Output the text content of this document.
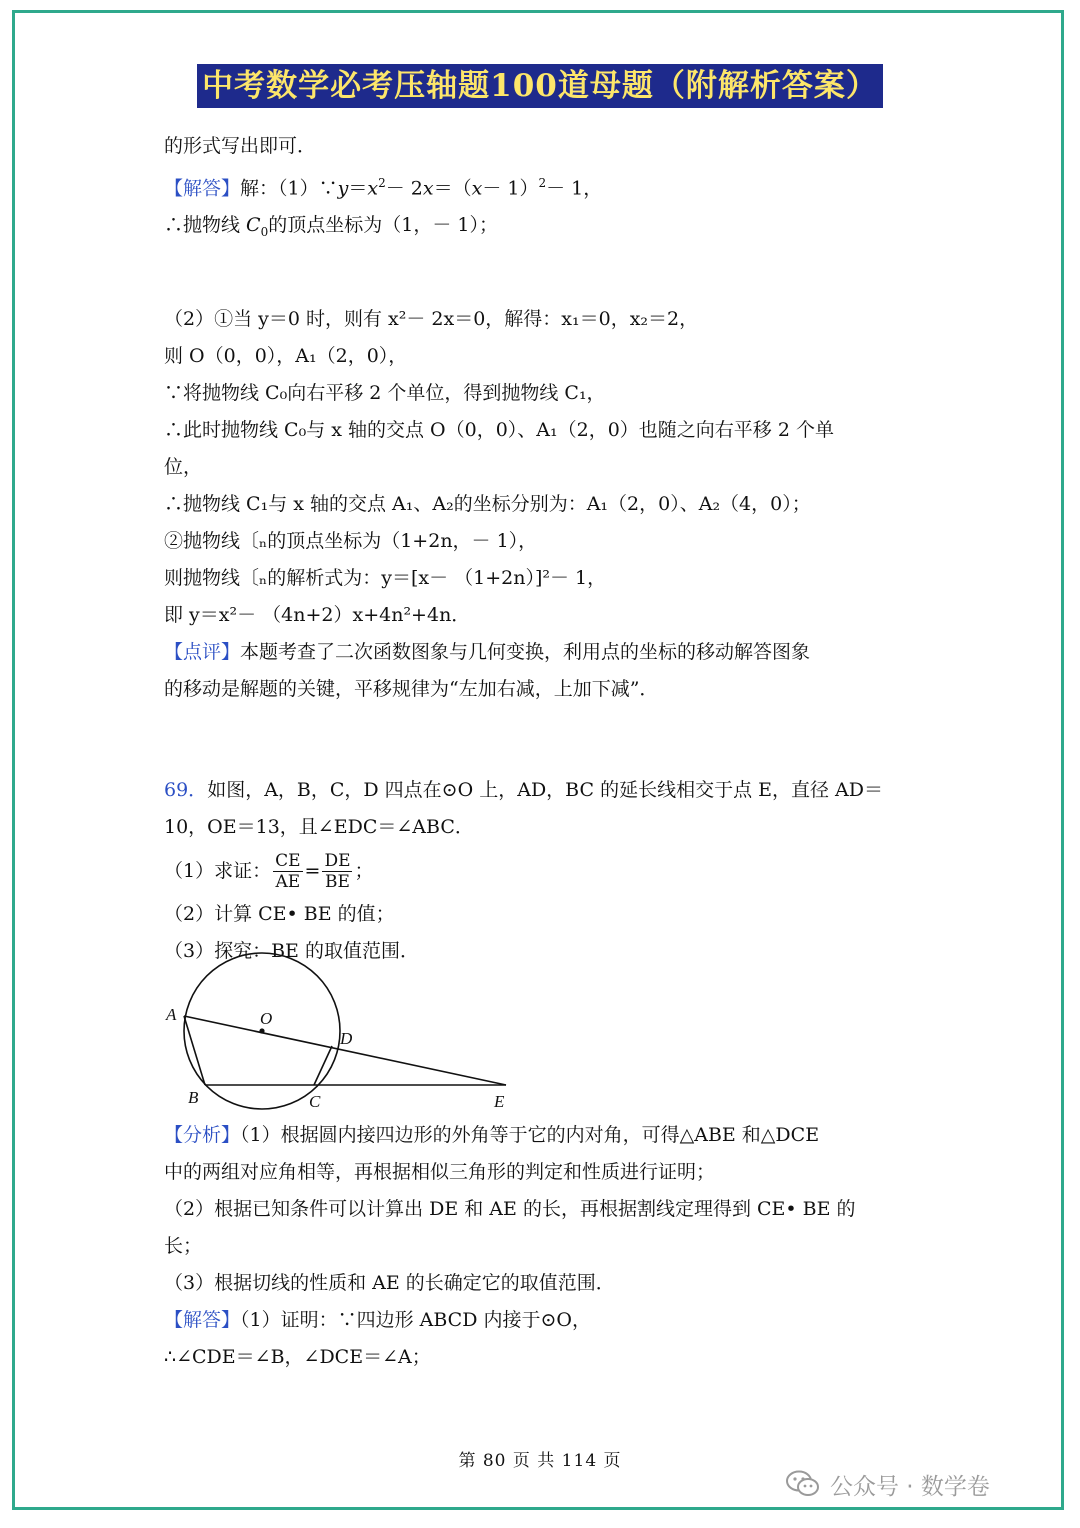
中考数学必考压轴题100道母题（附解析答案）
的形式写出即可．
【解答】解：$(1)\because y=x^2- 2x=(x- 1)^2- 1$，
∴抛物线 $C_0$的顶点坐标为（1，－ 1）；
（2）①当 y＝0 时，则有 x²－ 2x＝0，解得：x₁＝0，x₂＝2，
则 O（0，0），A₁（2，0），
∵将抛物线 C₀向右平移 2 个单位，得到抛物线 C₁，
∴此时抛物线 C₀与 x 轴的交点 O（0，0）、A₁（2，0）也随之向右平移 2 个单
位，
∴抛物线 C₁与 x 轴的交点 A₁、A₂的坐标分别为：A₁（2，0）、A₂（4，0）；
②抛物线〔ₙ的顶点坐标为（1+2n，－ 1），
则抛物线〔ₙ的解析式为：y＝[x－ （1+2n）]²－ 1，
即 y＝x²－ （4n+2）x+4n²+4n．
【点评】本题考查了二次函数图象与几何变换，利用点的坐标的移动解答图象
的移动是解题的关键，平移规律为“左加右减，上加下减”．
69．如图，A，B，C，D 四点在⊙O 上，AD，BC 的延长线相交于点 E，直径 AD＝
10，OE＝13，且∠EDC＝∠ABC．
（1）求证： $\frac{CE}{AE} = \frac{DE}{BE}$ ；
（2）计算 CE• BE 的值；
（3）探究：BE 的取值范围．
A	O
D
B	C	E
【分析】（1）根据圆内接四边形的外角等于它的内对角，可得△ABE 和△DCE
中的两组对应角相等，再根据相似三角形的判定和性质进行证明；
（2）根据已知条件可以计算出 DE 和 AE 的长，再根据割线定理得到 CE• BE 的
长；
（3）根据切线的性质和 AE 的长确定它的取值范围．
【解答】（1）证明：∵四边形 ABCD 内接于⊙O，
∴∠CDE＝∠B，∠DCE＝∠A；
第 80 页 共 114 页
公众号 · 数学卷
